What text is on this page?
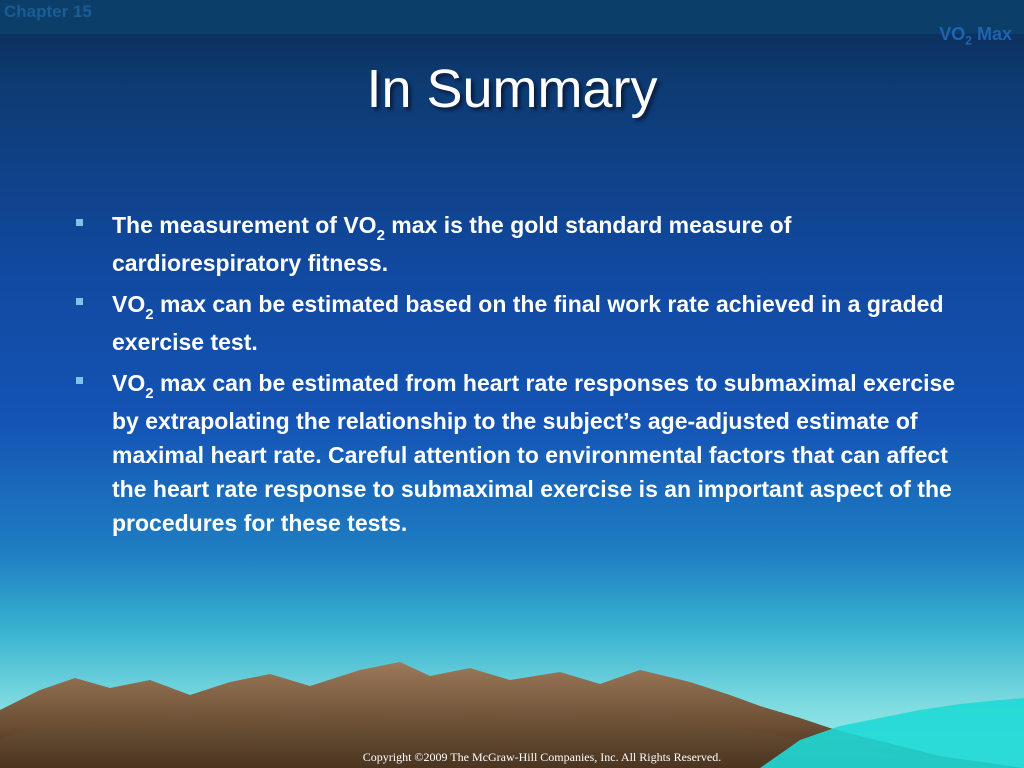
Chapter 15
$VO_2$ Max
In Summary
The measurement of $VO_2$ max is the gold standard measure of cardiorespiratory fitness.
$VO_2$ max can be estimated based on the final work rate achieved in a graded exercise test.
$VO_2$ max can be estimated from heart rate responses to submaximal exercise by extrapolating the relationship to the subject’s age-adjusted estimate of maximal heart rate. Careful attention to environmental factors that can affect the heart rate response to submaximal exercise is an important aspect of the procedures for these tests.
Copyright ©2009 The McGraw-Hill Companies, Inc. All Rights Reserved.
